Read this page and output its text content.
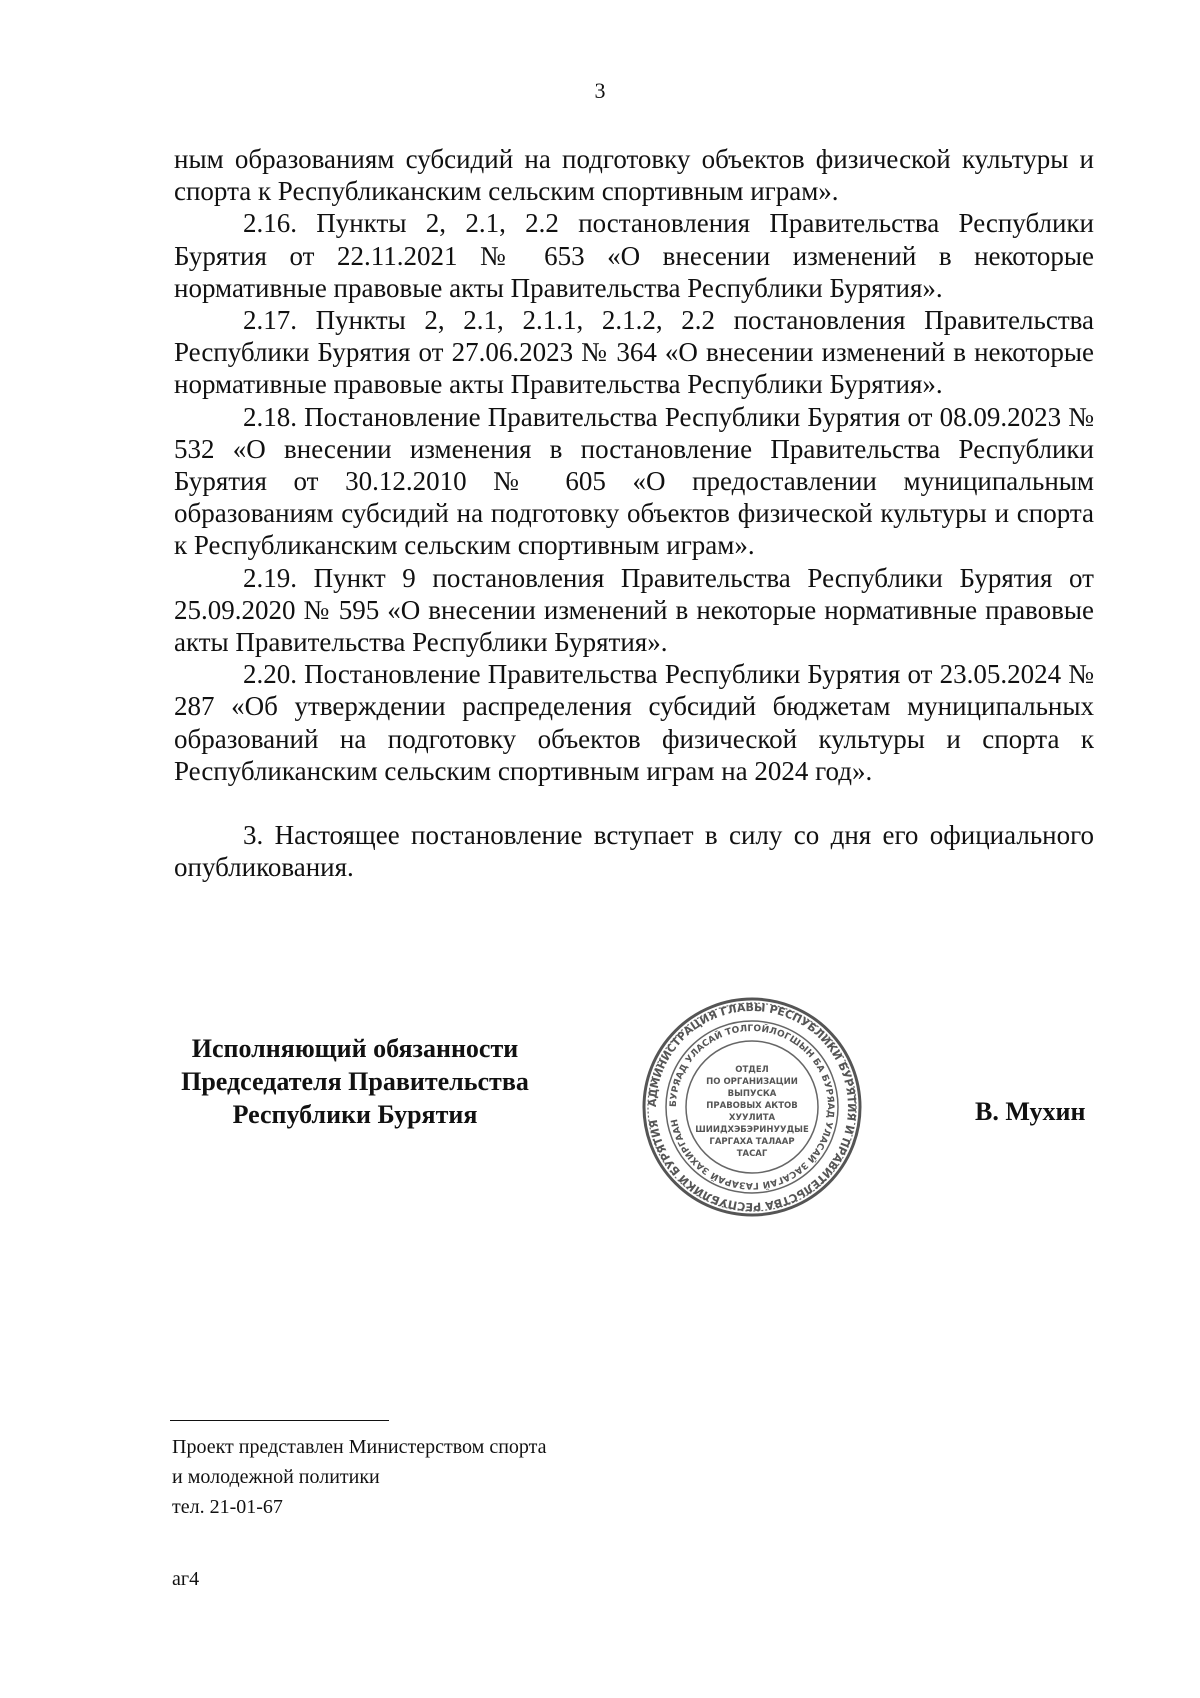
3

ным образованиям субсидий на подготовку объектов физической культуры и спорта к Республиканским сельским спортивным играм».

2.16. Пункты 2, 2.1, 2.2 постановления Правительства Республики Бурятия от 22.11.2021 № 653 «О внесении изменений в некоторые нормативные правовые акты Правительства Республики Бурятия».

2.17. Пункты 2, 2.1, 2.1.1, 2.1.2, 2.2 постановления Правительства Республики Бурятия от 27.06.2023 № 364 «О внесении изменений в некоторые нормативные правовые акты Правительства Республики Бурятия».

2.18. Постановление Правительства Республики Бурятия от 08.09.2023 № 532 «О внесении изменения в постановление Правительства Республики Бурятия от 30.12.2010 № 605 «О предоставлении муниципальным образованиям субсидий на подготовку объектов физической культуры и спорта к Республиканским сельским спортивным играм».

2.19. Пункт 9 постановления Правительства Республики Бурятия от 25.09.2020 № 595 «О внесении изменений в некоторые нормативные правовые акты Правительства Республики Бурятия».

2.20. Постановление Правительства Республики Бурятия от 23.05.2024 № 287 «Об утверждении распределения субсидий бюджетам муниципальных образований на подготовку объектов физической культуры и спорта к Республиканским сельским спортивным играм на 2024 год».

3. Настоящее постановление вступает в силу со дня его официального опубликования.

Исполняющий обязанности
Председателя Правительства
Республики Бурятия	АДМИНИСТРАЦИЯ ГЛАВЫ РЕСПУБЛИКИ БУРЯТИЯ И ПРАВИТЕЛЬСТВА РЕСПУБЛИКИ БУРЯТИЯ
БУРЯАД УЛАСАЙ ТОЛГОЙЛОГШЫН БА БУРЯАД УЛАСАЙ ЗАСАГАЙ ГАЗАРАЙ ЗАХИРГААН
ОТДЕЛ
ПО ОРГАНИЗАЦИИ
ВЫПУСКА
ПРАВОВЫХ АКТОВ
ХУУЛИТА
ШИИДХЭБЭРИНУУДЫЕ
ГАРГАХА ТАЛААР
ТАСАГ
В. Мухин
Проект представлен Министерством спорта
и молодежной политики
тел. 21-01-67
аг4
